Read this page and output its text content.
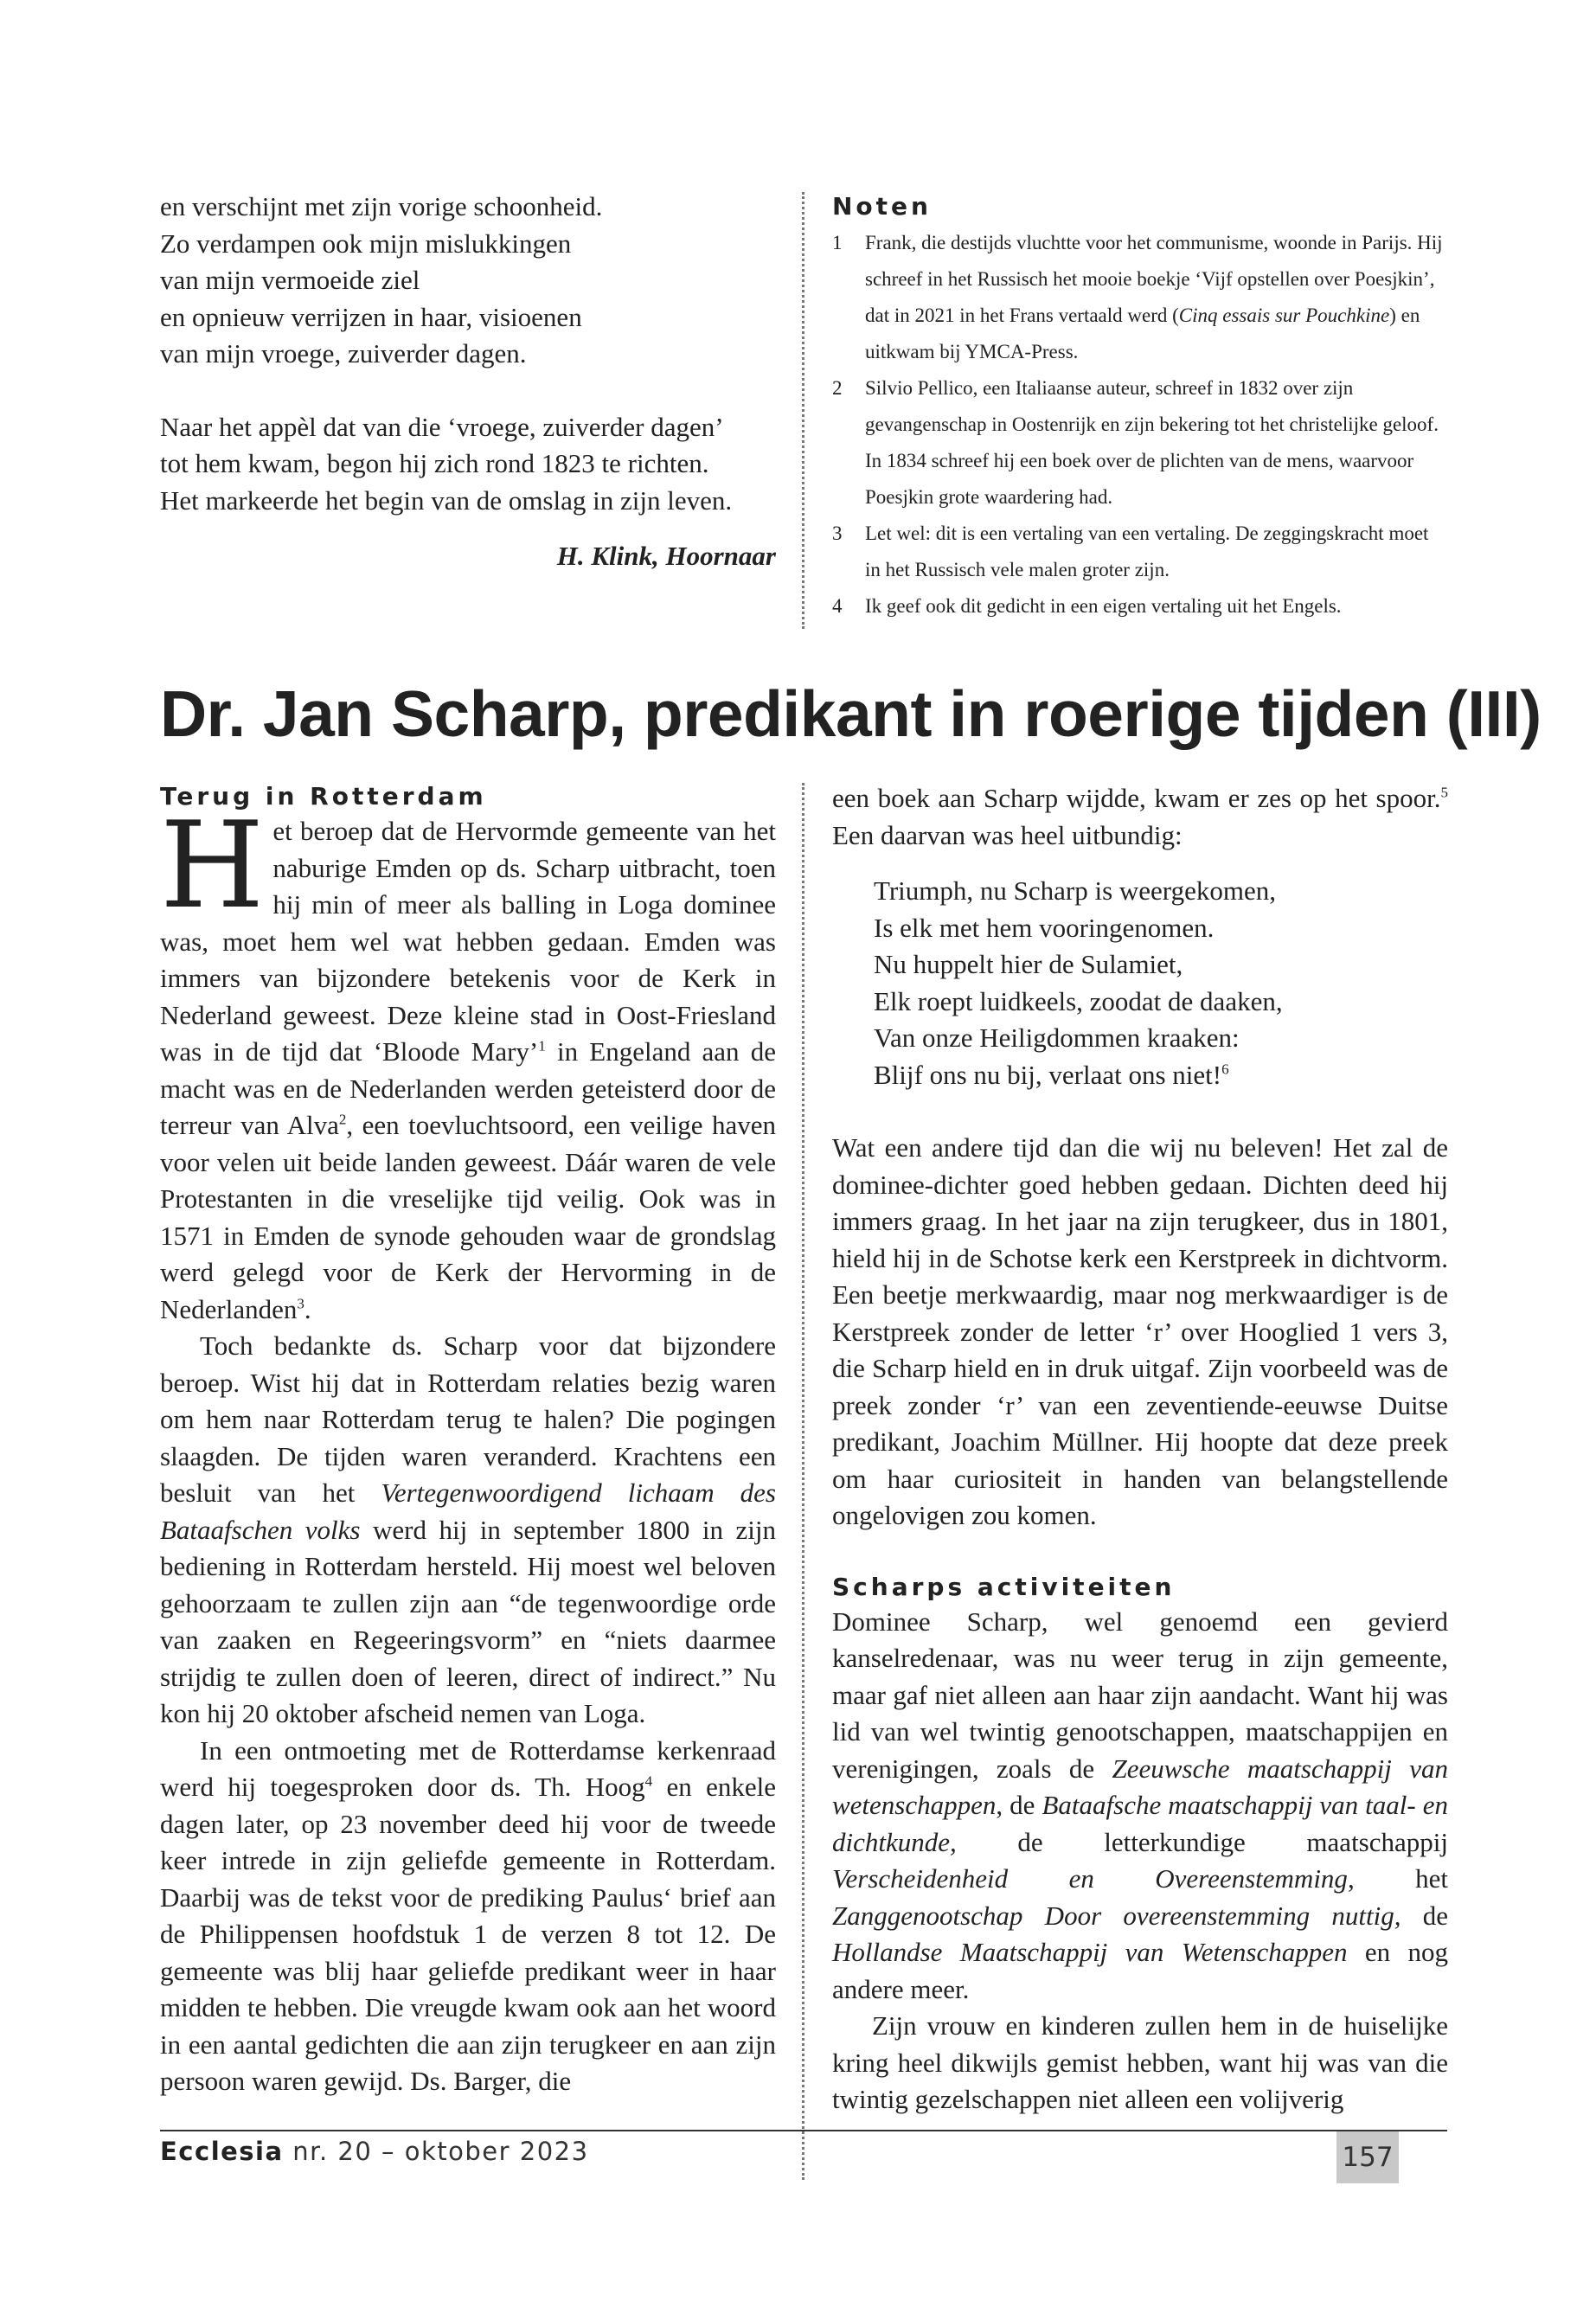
en verschijnt met zijn vorige schoonheid.
Zo verdampen ook mijn mislukkingen
van mijn vermoeide ziel
en opnieuw verrijzen in haar, visioenen
van mijn vroege, zuiverder dagen.
Naar het appèl dat van die ‘vroege, zuiverder dagen’
tot hem kwam, begon hij zich rond 1823 te richten.
Het markeerde het begin van de omslag in zijn leven.
H. Klink, Hoornaar
Noten
1	Frank, die destijds vluchtte voor het communisme, woonde in Parijs. Hij schreef in het Russisch het mooie boekje ‘Vijf opstellen over Poesjkin’, dat in 2021 in het Frans vertaald werd (Cinq essais sur Pouchkine) en uitkwam bij YMCA-Press.
2	Silvio Pellico, een Italiaanse auteur, schreef in 1832 over zijn gevangenschap in Oostenrijk en zijn bekering tot het christelijke geloof. In 1834 schreef hij een boek over de plichten van de mens, waarvoor Poesjkin grote waardering had.
3	Let wel: dit is een vertaling van een vertaling. De zeggingskracht moet in het Russisch vele malen groter zijn.
4	Ik geef ook dit gedicht in een eigen vertaling uit het Engels.
Dr. Jan Scharp, predikant in roerige tijden (III)
Terug in Rotterdam

Het beroep dat de Hervormde gemeente van het naburige Emden op ds. Scharp uitbracht, toen hij min of meer als balling in Loga dominee was, moet hem wel wat hebben gedaan. Emden was immers van bijzondere betekenis voor de Kerk in Nederland geweest. Deze kleine stad in Oost-Friesland was in de tijd dat ‘Bloode Mary’$^1$ in Engeland aan de macht was en de Nederlanden werden geteisterd door de terreur van Alva$^2$, een toevluchtsoord, een veilige haven voor velen uit beide landen geweest. Dáár waren de vele Protestanten in die vreselijke tijd veilig. Ook was in 1571 in Emden de synode gehouden waar de grondslag werd gelegd voor de Kerk der Hervorming in de Nederlanden$^3$.

Toch bedankte ds. Scharp voor dat bijzondere beroep. Wist hij dat in Rotterdam relaties bezig waren om hem naar Rotterdam terug te halen? Die pogingen slaagden. De tijden waren veranderd. Krachtens een besluit van het Vertegenwoordigend lichaam des Bataafschen volks werd hij in september 1800 in zijn bediening in Rotterdam hersteld. Hij moest wel beloven gehoorzaam te zullen zijn aan “de tegenwoordige orde van zaaken en Regeeringsvorm” en “niets daarmee strijdig te zullen doen of leeren, direct of indirect.” Nu kon hij 20 oktober afscheid nemen van Loga.

In een ontmoeting met de Rotterdamse kerkenraad werd hij toegesproken door ds. Th. Hoog$^4$ en enkele dagen later, op 23 november deed hij voor de tweede keer intrede in zijn geliefde gemeente in Rotterdam. Daarbij was de tekst voor de prediking Paulus‘ brief aan de Philippensen hoofdstuk 1 de verzen 8 tot 12. De gemeente was blij haar geliefde predikant weer in haar midden te hebben. Die vreugde kwam ook aan het woord in een aantal gedichten die aan zijn terugkeer en aan zijn persoon waren gewijd. Ds. Barger, die

een boek aan Scharp wijdde, kwam er zes op het spoor.$^5$ Een daarvan was heel uitbundig:

Triumph, nu Scharp is weergekomen,
Is elk met hem vooringenomen.
Nu huppelt hier de Sulamiet,
Elk roept luidkeels, zoodat de daaken,
Van onze Heiligdommen kraaken:
Blijf ons nu bij, verlaat ons niet!$^6$

Wat een andere tijd dan die wij nu beleven! Het zal de dominee-dichter goed hebben gedaan. Dichten deed hij immers graag. In het jaar na zijn terugkeer, dus in 1801, hield hij in de Schotse kerk een Kerstpreek in dichtvorm. Een beetje merkwaardig, maar nog merkwaardiger is de Kerstpreek zonder de letter ‘r’ over Hooglied 1 vers 3, die Scharp hield en in druk uitgaf. Zijn voorbeeld was de preek zonder ‘r’ van een zeventiende-eeuwse Duitse predikant, Joachim Müllner. Hij hoopte dat deze preek om haar curiositeit in handen van belangstellende ongelovigen zou komen.

Scharps activiteiten

Dominee Scharp, wel genoemd een gevierd kanselredenaar, was nu weer terug in zijn gemeente, maar gaf niet alleen aan haar zijn aandacht. Want hij was lid van wel twintig genootschappen, maatschappijen en verenigingen, zoals de Zeeuwsche maatschappij van wetenschappen, de Bataafsche maatschappij van taal- en dichtkunde, de letterkundige maatschappij Verscheidenheid en Overeenstemming, het Zanggenootschap Door overeenstemming nuttig, de Hollandse Maatschappij van Wetenschappen en nog andere meer.

Zijn vrouw en kinderen zullen hem in de huiselijke kring heel dikwijls gemist hebben, want hij was van die twintig gezelschappen niet alleen een volijverig

Ecclesia nr. 20 – oktober 2023	157
